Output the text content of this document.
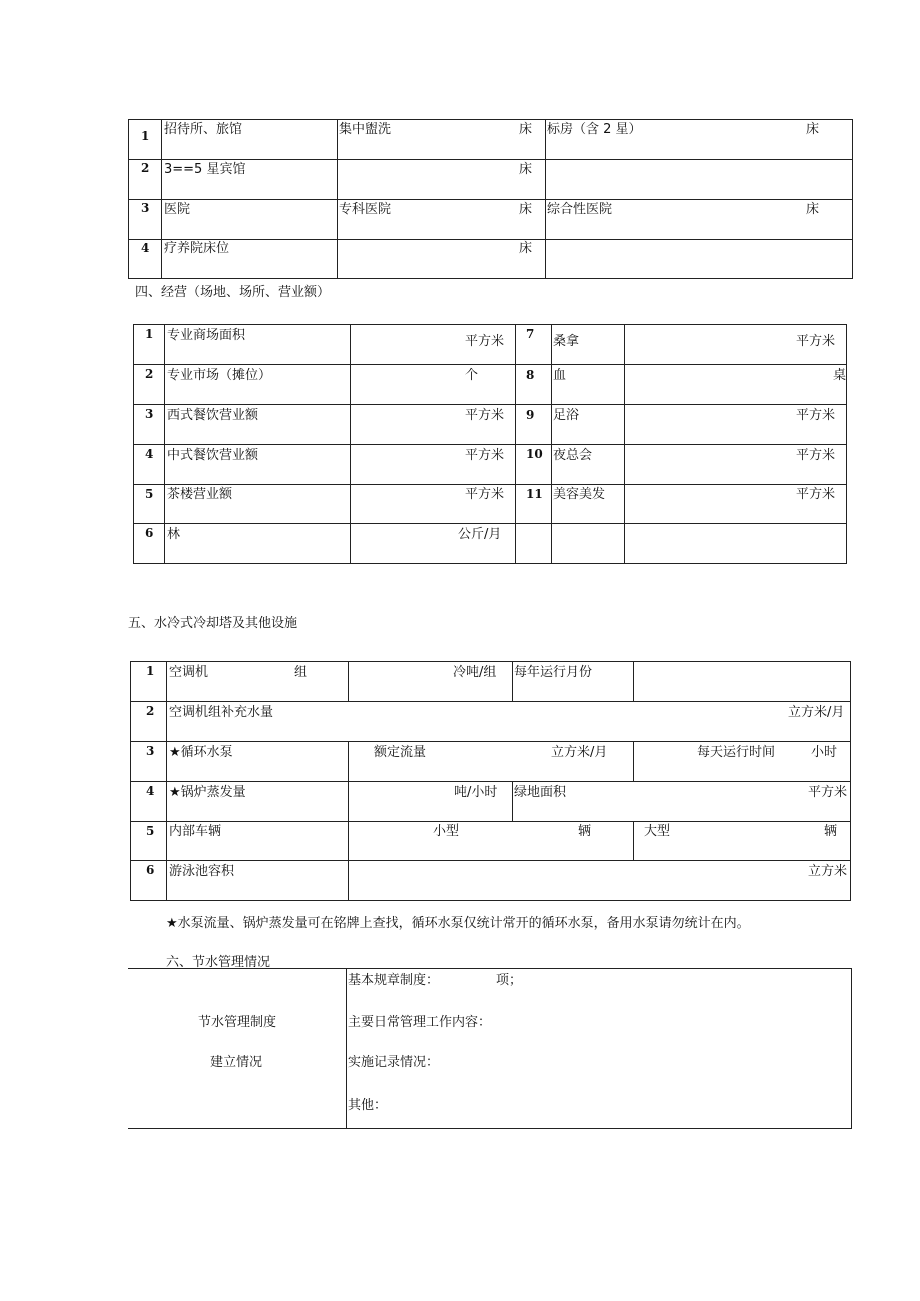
1 招待所、旅馆	集中盥洗	床 标房（含 2 星）	床
2 3==5 星宾馆	床
3 医院	专科医院	床 综合性医院	床
4 疗养院床位	床
四、经营（场地、场所、营业额）
1 专业商场面积	平方米 7 桑拿	平方米
2 专业市场（摊位）	个	8 血	桌
3 西式餐饮营业额	平方米 9 足浴	平方米
4 中式餐饮营业额	平方米 10 夜总会	平方米
5 茶楼营业额	平方米 11 美容美发	平方米
6 林	公斤/月
五、水冷式冷却塔及其他设施
1 空调机	组	冷吨/组 每年运行月份
2 空调机组补充水量	立方米/月
3 ★循环水泵	额定流量	立方米/月	每天运行时间	小时
4 ★锅炉蒸发量	吨/小时 绿地面积	平方米
5 内部车辆	小型	辆	大型	辆
6 游泳池容积	立方米
★水泵流量、锅炉蒸发量可在铭牌上查找，循环水泵仅统计常开的循环水泵，备用水泵请勿统计在内。
六、节水管理情况
节水管理制度
建立情况
基本规章制度：	项；
主要日常管理工作内容：
实施记录情况：
其他：
